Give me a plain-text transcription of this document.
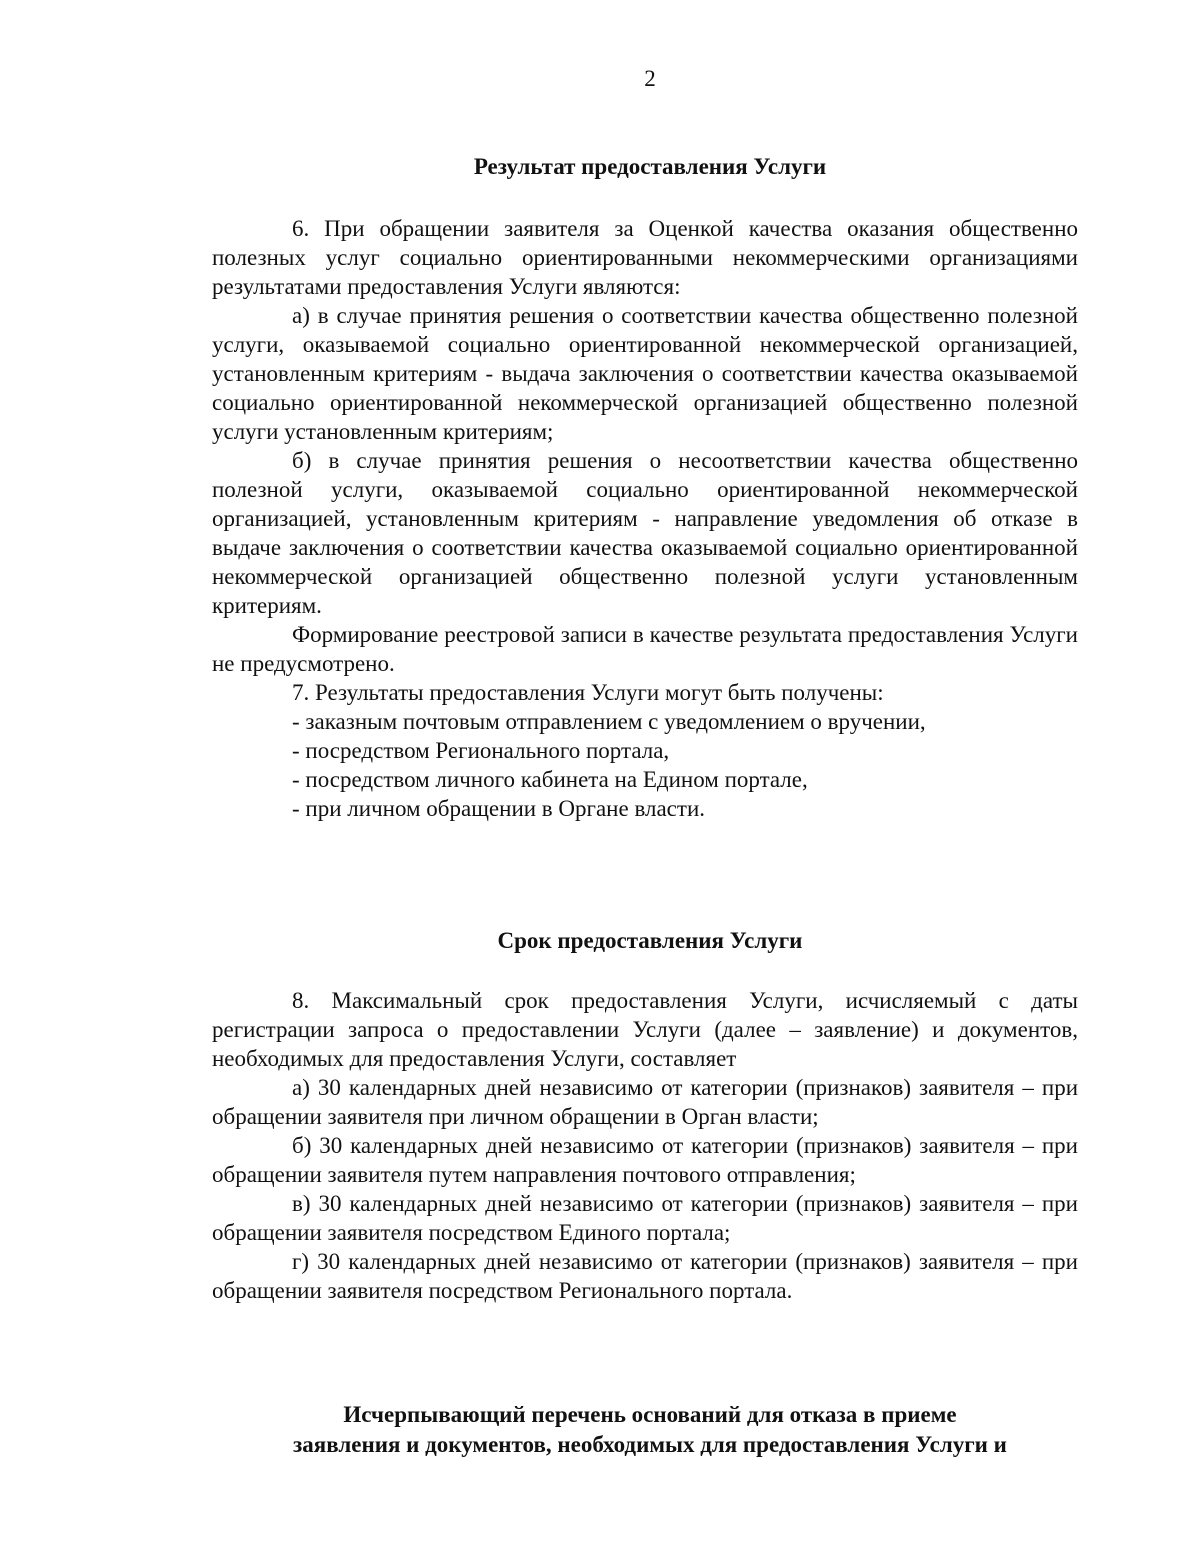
2
Результат предоставления Услуги

6. При обращении заявителя за Оценкой качества оказания общественно полезных услуг социально ориентированными некоммерческими организациями результатами предоставления Услуги являются:

а) в случае принятия решения о соответствии качества общественно полезной услуги, оказываемой социально ориентированной некоммерческой организацией, установленным критериям - выдача заключения о соответствии качества оказываемой социально ориентированной некоммерческой организацией общественно полезной услуги установленным критериям;

б) в случае принятия решения о несоответствии качества общественно полезной услуги, оказываемой социально ориентированной некоммерческой организацией, установленным критериям - направление уведомления об отказе в выдаче заключения о соответствии качества оказываемой социально ориентированной некоммерческой организацией общественно полезной услуги установленным критериям.

Формирование реестровой записи в качестве результата предоставления Услуги не предусмотрено.

7. Результаты предоставления Услуги могут быть получены:

- заказным почтовым отправлением с уведомлением о вручении,

- посредством Регионального портала,

- посредством личного кабинета на Едином портале,

- при личном обращении в Органе власти.

Срок предоставления Услуги

8. Максимальный срок предоставления Услуги, исчисляемый с даты регистрации запроса о предоставлении Услуги (далее – заявление) и документов, необходимых для предоставления Услуги, составляет

а) 30 календарных дней независимо от категории (признаков) заявителя – при обращении заявителя при личном обращении в Орган власти;

б) 30 календарных дней независимо от категории (признаков) заявителя – при обращении заявителя путем направления почтового отправления;

в) 30 календарных дней независимо от категории (признаков) заявителя – при обращении заявителя посредством Единого портала;

г) 30 календарных дней независимо от категории (признаков) заявителя – при обращении заявителя посредством Регионального портала.

Исчерпывающий перечень оснований для отказа в приеме
заявления и документов, необходимых для предоставления Услуги и
